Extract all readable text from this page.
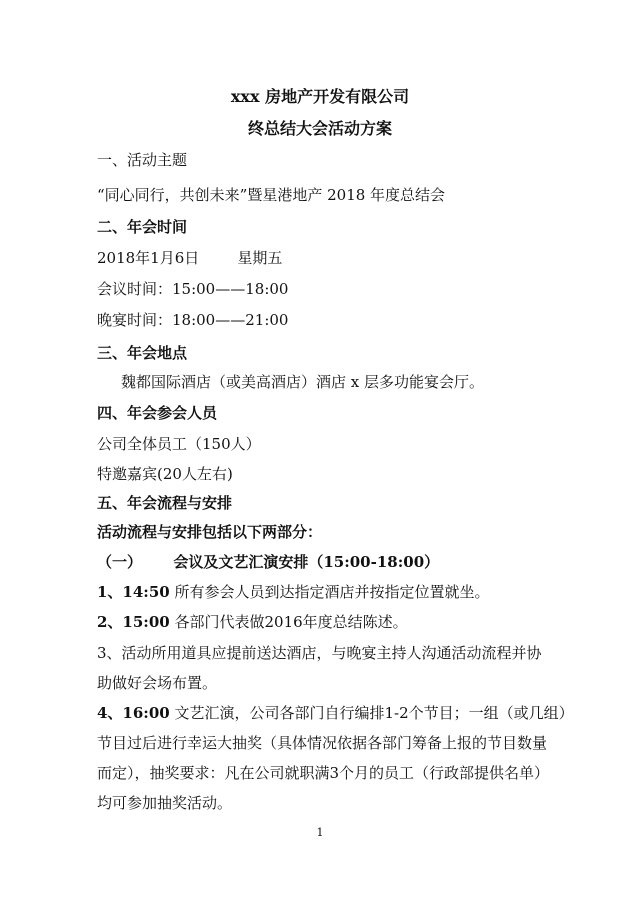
xxx 房地产开发有限公司
终总结大会活动方案
一、活动主题
“同心同行，共创未来”暨星港地产 2018 年度总结会
二、年会时间
2018年1月6日        星期五
会议时间：15:00——18:00
晚宴时间：18:00——21:00
三、年会地点
魏都国际酒店（或美高酒店）酒店 x 层多功能宴会厅。
四、年会参会人员
公司全体员工（150人）
特邀嘉宾(20人左右)
五、年会流程与安排
活动流程与安排包括以下两部分：
（一）      会议及文艺汇演安排（15:00-18:00）
1、14:50 所有参会人员到达指定酒店并按指定位置就坐。
2、15:00 各部门代表做2016年度总结陈述。
3、活动所用道具应提前送达酒店，与晚宴主持人沟通活动流程并协
助做好会场布置。
4、16:00 文艺汇演，公司各部门自行编排1-2个节目；一组（或几组）
节目过后进行幸运大抽奖（具体情况依据各部门筹备上报的节目数量
而定），抽奖要求：凡在公司就职满3个月的员工（行政部提供名单）
均可参加抽奖活动。
1
